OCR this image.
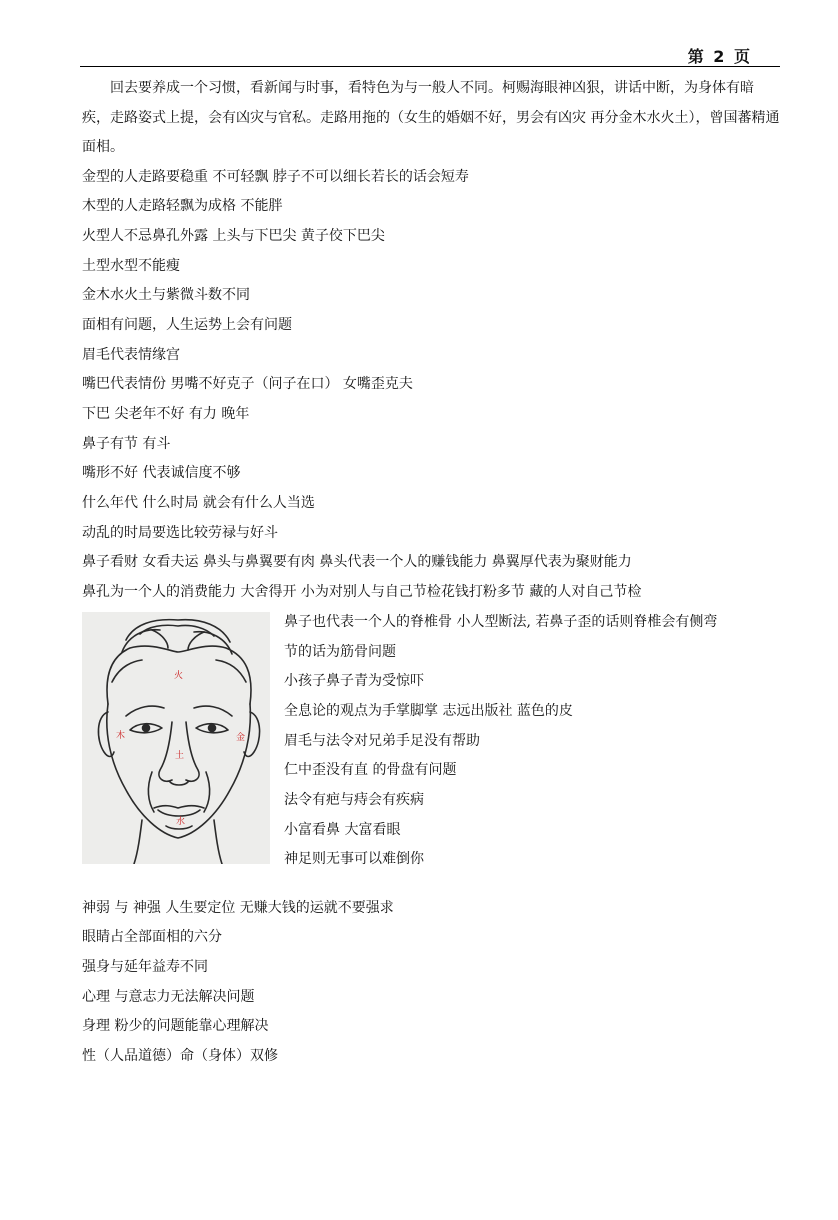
第 2 页

回去要养成一个习惯，看新闻与时事，看特色为与一般人不同。柯赐海眼神凶狠，讲话中断，为身体有暗疾，走路姿式上提，会有凶灾与官私。走路用拖的（女生的婚姻不好，男会有凶灾 再分金木水火土），曾国蕃精通面相。

金型的人走路要稳重 不可轻飘 脖子不可以细长若长的话会短寿

木型的人走路轻飘为成格 不能胖

火型人不忌鼻孔外露 上头与下巴尖 黄子佼下巴尖

土型水型不能瘦

金木水火土与紫微斗数不同

面相有问题，人生运势上会有问题

眉毛代表情缘宫

嘴巴代表情份 男嘴不好克子（问子在口） 女嘴歪克夫

下巴 尖老年不好 有力 晚年

鼻子有节 有斗

嘴形不好 代表诚信度不够

什么年代 什么时局 就会有什么人当选

动乱的时局要选比较劳禄与好斗

鼻子看财 女看夫运 鼻头与鼻翼要有肉 鼻头代表一个人的赚钱能力 鼻翼厚代表为聚财能力

鼻孔为一个人的消费能力 大舍得开 小为对别人与自己节检花钱打粉多节 藏的人对自己节检

火
木
土
金
水

鼻子也代表一个人的脊椎骨 小人型断法, 若鼻子歪的话则脊椎会有侧弯

节的话为筋骨问题

小孩子鼻子青为受惊吓

全息论的观点为手掌脚掌 志远出版社 蓝色的皮

眉毛与法令对兄弟手足没有帮助

仁中歪没有直 的骨盘有问题

法令有疤与痔会有疾病

小富看鼻 大富看眼

神足则无事可以难倒你

神弱 与 神强 人生要定位 无赚大钱的运就不要强求

眼睛占全部面相的六分

强身与延年益寿不同

心理 与意志力无法解决问题

身理 粉少的问题能靠心理解决

性（人品道德）命（身体）双修
